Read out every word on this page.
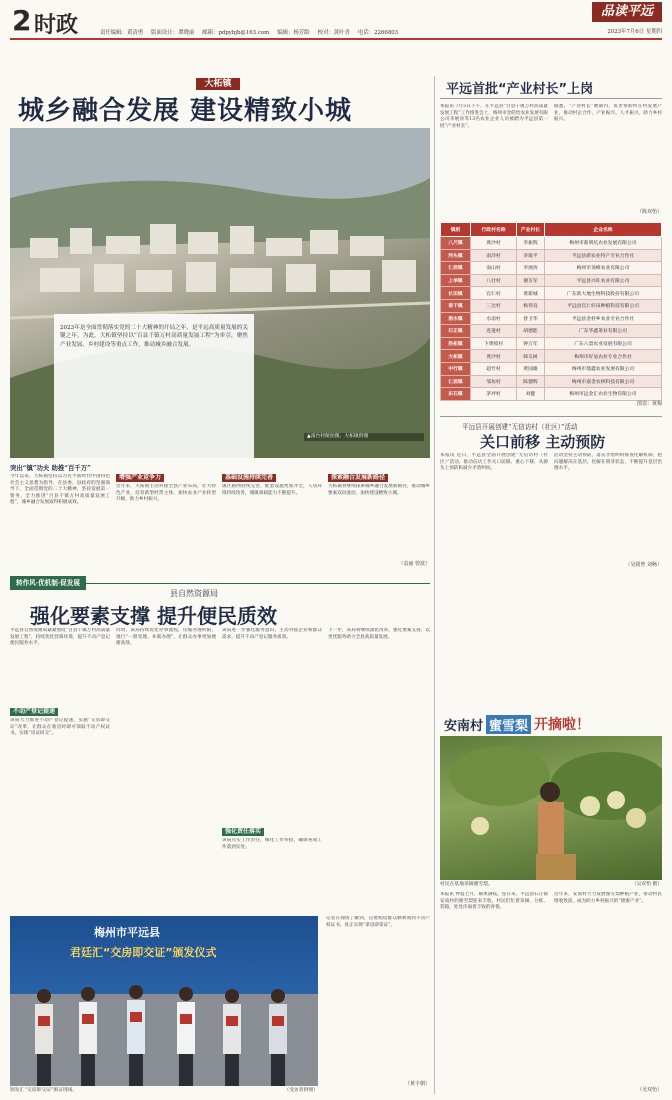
2 时政	责任编辑：黄清勇 版面设计：谭晓丽 邮箱：pdpybjb@163.com 编辑：杨芳龄 校对：黄叶青 电话：2266803
品读平远
2023年7月6日 星期四
大柘镇
城乡融合发展 建设精致小城
2023年是全面贯彻落实党的二十大精神的开局之年，是平远高质量发展的关键之年。为此，大柘镇坚持以“百县千镇万村高质量发展工程”为牵引，聚焦产业发展、乡村建设等重点工作，推动城乡融合发展。
▲南台村航拍图。大柘镇供图
突出“镇”功夫 助推“百千万”
今年以来，大柘镇坚持以习近平新时代中国特色社会主义思想为指导，在县委、县政府的坚强领导下，全面贯彻党的二十大精神，坚持发展第一要务，全力推进“百县千镇万村高质量发展工程”，城乡融合发展取得积极成效。
增强产业竞争力
近年来，大柘镇主动对接全县产业布局，壮大特色产业，培育新型经营主体，加快农业产业转型升级，助力乡村振兴。
基础设施持续完善
镇区路网持续完善，配套设施更加齐全，人居环境持续改善，城镇承载能力不断提升。
探索融合发展新路径
大柘镇将继续探索城乡融合发展新路径，推动城乡要素双向流动，加快建设精致小城。
（袁丽 曾波）
平远首批“产业村长”上岗
本报讯 7月5日下午，在平远县“百县千镇万村高质量发展工程”工作推进会上，梅州市金皓怡农业发展有限公司李展涛等13名农业企业人员被聘为平远县第一批“产业村长”。
据悉，“产业村长”聘期内，负责帮助所在村发展产业，推动村企合作、产业振兴、人才振兴，助力乡村振兴。
（陈双怡）
镇别	行政村名称	产业村长	企业名称
八尺镇	黄沙村	李振辉	梅州市新明坑农业发展有限公司
河头镇	南洋村	李康平	平远县新农业特产专业合作社
仁居镇	南山村	李展涛	梅州市顶峰农业有限公司
上举镇	八社村	谢友军	平远县兴旺农业有限公司
长田镇	官仁村	黄新城	广东新大地生物科技股份有限公司
差干镇	三达村	杨伟良	平远县官仁好田种植科技有限公司
泗水镇	水南村	曾卫华	平远县金村乡农业专业合作社
石正镇	连进村	胡德能	广东华鑫茶业有限公司
热柘镇	下黄岐村	钟万年	广东八景农业发展有限公司
大柘镇	黄沙村	韩友树	梅州市好氢农业专业合作社
中行镇	超竹村	黄国雄	梅州市鼎鑫农业发展有限公司
仁居镇	邹坊村	陈德辉	梅州市嘉金农林科技有限公司
东石镇	茅坪村	刘健	梅州市远金汇农业生物有限公司
图表：黄梅
平远县开展创建“无信访村（社区）”活动
关口前移 主动预防
本报讯 近日，平远县全面开展创建“无信访村（社区）”活动，推动信访工作关口前移、重心下移，从源头上预防和减少矛盾纠纷。
活动坚持主动预防，落实矛盾纠纷排查化解机制，把问题解决在基层、化解在萌芽状态，不断提升基层治理水平。
（吴圆曾 刘畅）
转作风·优机制·促发展
县自然资源局
强化要素支撑 提升便民质效
平远县自然资源局紧紧围绕“百县千镇万村高质量发展工程”，持续优化营商环境，提升不动产登记便民服务水平。
不动产登记提速
该局大力推进不动产登记提速，实施“交房即交证”改革，让群众在收房时即可领取不动产权证书，实现“房证同交”。
同时，该局持续优化办事流程，压缩办理时限，推行“一窗受理、并联办理”，让群众办事更加便捷高效。
该局进一步强化服务意识，主动对接企业和群众需求，提升不动产登记服务质效。
强化责任落实
该局压实工作责任，细化工作举措，确保各项工作落到实处。
下一步，该局将继续深化改革，强化要素支撑，以更优服务助力全县高质量发展。
梅州市平远县
君廷汇“交房即交证”颁发仪式
颁发汇“交房即交证”颁证现场。	（受访者供图）
记者在现场了解到，首批购房群众顺利领到不动产权证书，真正实现“拿房即拿证”。
（黄丰朝）
安南村 蜜雪梨 开摘啦！
村民在基地采摘蜜雪梨。	（吴双怡 摄）
本报讯 仲夏七月，硕果满枝。连日来，平远县石正镇安南村的蜜雪梨迎来丰收，村民们忙着采摘、分拣、装箱，处处洋溢着丰收的喜悦。
近年来，安南村大力发展蜜雪梨种植产业，带动村民增收致富，成为助力乡村振兴的“甜蜜产业”。
（吴双怡）
